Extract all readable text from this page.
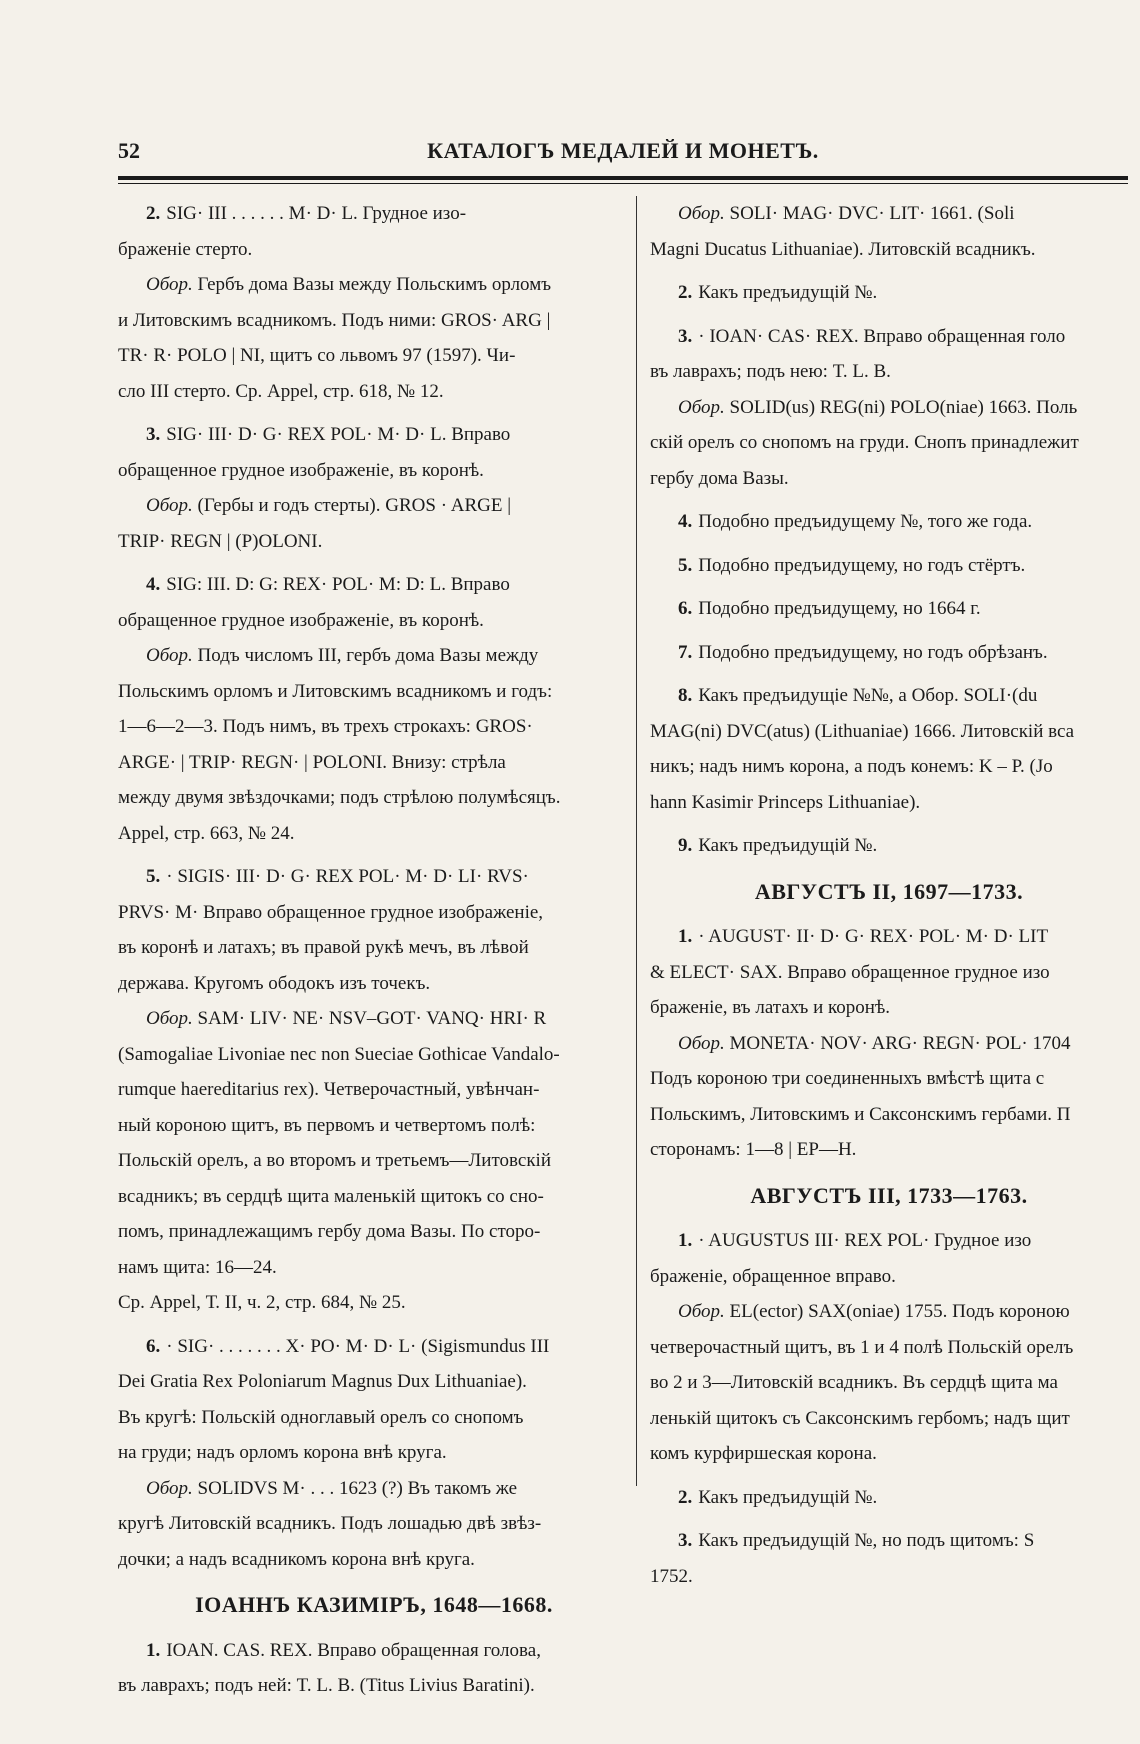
52	КАТАЛОГЪ МЕДАЛЕЙ И МОНЕТЪ.

2. SIG· III . . . . . . M· D· L. Грудное изо-

браженіе стерто.

Обор. Гербъ дома Вазы между Польскимъ орломъ

и Литовскимъ всадникомъ. Подъ ними: GROS· ARG |

TR· R· POLO | NI, щитъ со львомъ 97 (1597). Чи-

сло III стерто. Ср. Appel, стр. 618, № 12.

3. SIG· III· D· G· REX POL· M· D· L. Вправо

обращенное грудное изображеніе, въ коронѣ.

Обор. (Гербы и годъ стерты). GROS · ARGE |

TRIP· REGN | (P)OLONI.

4. SIG: III. D: G: REX· POL· M: D: L. Вправо

обращенное грудное изображеніе, въ коронѣ.

Обор. Подъ числомъ III, гербъ дома Вазы между

Польскимъ орломъ и Литовскимъ всадникомъ и годъ:

1—6—2—3. Подъ нимъ, въ трехъ строкахъ: GROS·

ARGE· | TRIP· REGN· | POLONI. Внизу: стрѣла

между двумя звѣздочками; подъ стрѣлою полумѣсяцъ.

Appel, стр. 663, № 24.

5. · SIGIS· III· D· G· REX POL· M· D· LI· RVS·

PRVS· M· Вправо обращенное грудное изображеніе,

въ коронѣ и латахъ; въ правой рукѣ мечъ, въ лѣвой

держава. Кругомъ ободокъ изъ точекъ.

Обор. SAM· LIV· NE· NSV–GOT· VANQ· HRI· R

(Samogaliae Livoniae nec non Sueciae Gothicae Vandalo-

rumque haereditarius rex). Четверочастный, увѣнчан-

ный короною щитъ, въ первомъ и четвертомъ полѣ:

Польскій орелъ, а во второмъ и третьемъ—Литовскій

всадникъ; въ сердцѣ щита маленькій щитокъ со сно-

помъ, принадлежащимъ гербу дома Вазы. По сторо-

намъ щита: 16—24.

Ср. Appel, Т. II, ч. 2, стр. 684, № 25.

6. · SIG· . . . . . . . X· PO· M· D· L· (Sigismundus III

Dei Gratia Rex Poloniarum Magnus Dux Lithuaniae).

Въ кругѣ: Польскій одноглавый орелъ со снопомъ

на груди; надъ орломъ корона внѣ круга.

Обор. SOLIDVS M· . . . 1623 (?) Въ такомъ же

кругѣ Литовскій всадникъ. Подъ лошадью двѣ звѣз-

дочки; а надъ всадникомъ корона внѣ круга.

IOАННЪ КАЗИМІРЪ, 1648—1668.

1. IOAN. CAS. REX. Вправо обращенная голова,

въ лаврахъ; подъ ней: T. L. B. (Titus Livius Baratini).

Обор. SOLI· MAG· DVC· LIT· 1661. (Soli

Magni Ducatus Lithuaniae). Литовскій всадникъ.

2. Какъ предъидущій №.

3. · IOAN· CAS· REX. Вправо обращенная голо

въ лаврахъ; подъ нею: T. L. B.

Обор. SOLID(us) REG(ni) POLO(niae) 1663. Поль

скій орелъ со снопомъ на груди. Снопъ принадлежит

гербу дома Вазы.

4. Подобно предъидущему №, того же года.

5. Подобно предъидущему, но годъ стёртъ.

6. Подобно предъидущему, но 1664 г.

7. Подобно предъидущему, но годъ обрѣзанъ.

8. Какъ предъидущіе №№, а Обор. SOLI·(du

MAG(ni) DVC(atus) (Lithuaniae) 1666. Литовскій вса

никъ; надъ нимъ корона, а подъ конемъ: K – P. (Jo

hann Kasimir Princeps Lithuaniae).

9. Какъ предъидущій №.

АВГУСТЪ II, 1697—1733.

1. · AUGUST· II· D· G· REX· POL· M· D· LIT

& ELECT· SAX. Вправо обращенное грудное изо

браженіе, въ латахъ и коронѣ.

Обор. MONETA· NOV· ARG· REGN· POL· 1704

Подъ короною три соединенныхъ вмѣстѣ щита с

Польскимъ, Литовскимъ и Саксонскимъ гербами. П

сторонамъ: 1—8 | EP—H.

АВГУСТЪ III, 1733—1763.

1. · AUGUSTUS III· REX POL· Грудное изо

браженіе, обращенное вправо.

Обор. EL(ector) SAX(oniae) 1755. Подъ короною

четверочастный щитъ, въ 1 и 4 полѣ Польскій орелъ

во 2 и 3—Литовскій всадникъ. Въ сердцѣ щита ма

ленькій щитокъ съ Саксонскимъ гербомъ; надъ щит

комъ курфиршеская корона.

2. Какъ предъидущій №.

3. Какъ предъидущій №, но подъ щитомъ: S

1752.
